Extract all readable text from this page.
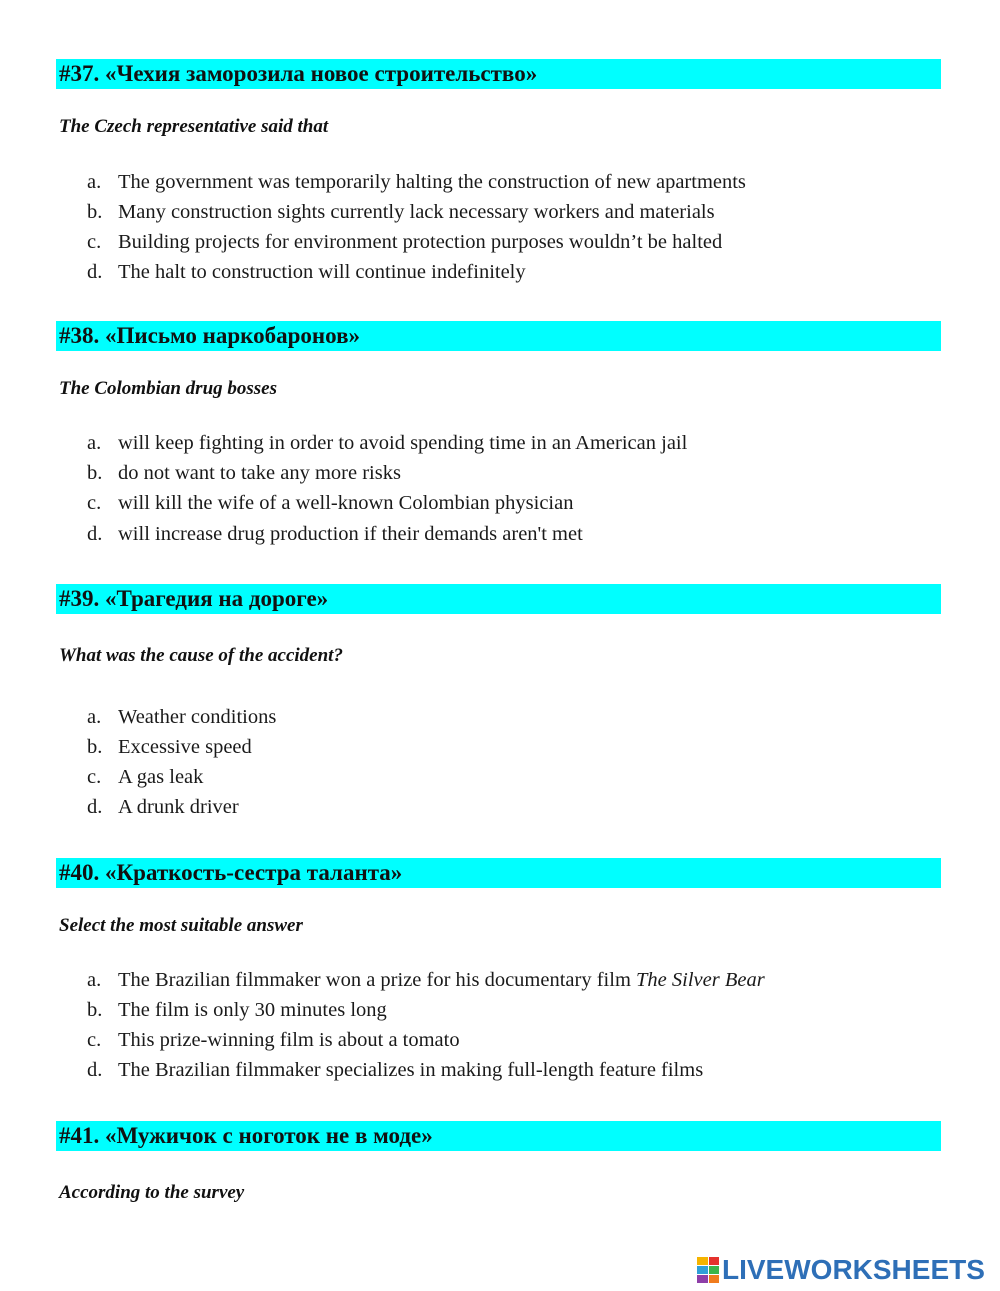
#37. «Чехия заморозила новое строительство»
The Czech representative said that
a. The government was temporarily halting the construction of new apartments
b. Many construction sights currently lack necessary workers and materials
c. Building projects for environment protection purposes wouldn’t be halted
d. The halt to construction will continue indefinitely
#38. «Письмо наркобаронов»
The Colombian drug bosses
a. will keep fighting in order to avoid spending time in an American jail
b. do not want to take any more risks
c. will kill the wife of a well-known Colombian physician
d. will increase drug production if their demands aren't met
#39. «Трагедия на дороге»
What was the cause of the accident?
a. Weather conditions
b. Excessive speed
c. A gas leak
d. A drunk driver
#40. «Краткость-сестра таланта»
Select the most suitable answer
a. The Brazilian filmmaker won a prize for his documentary film The Silver Bear
b. The film is only 30 minutes long
c. This prize-winning film is about a tomato
d. The Brazilian filmmaker specializes in making full-length feature films
#41. «Мужичок с ноготок не в моде»
According to the survey
LIVEWORKSHEETS
